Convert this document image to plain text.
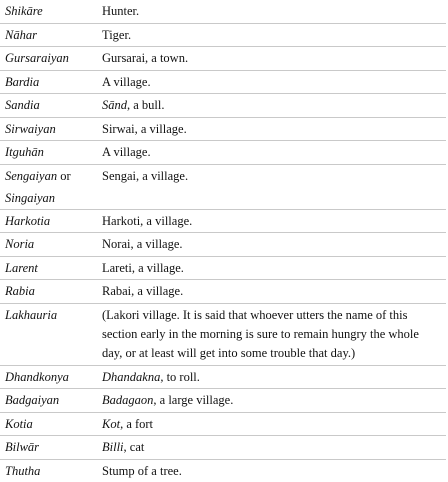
Shikāre	Hunter.
Nāhar	Tiger.
Gursaraiyan	Gursarai, a town.
Bardia	A village.
Sandia	Sānd, a bull.
Sirwaiyan	Sirwai, a village.
Itguhān	A village.
Sengaiyan or
Singaiyan	Sengai, a village.
Harkotia	Harkoti, a village.
Noria	Norai, a village.
Larent	Lareti, a village.
Rabia	Rabai, a village.
Lakhauria	(Lakori village. It is said that whoever utters the name of this section early in the morning is sure to remain hungry the whole day, or at least will get into some trouble that day.)
Dhandkonya	Dhandakna, to roll.
Badgaiyan	Badagaon, a large village.
Kotia	Kot, a fort
Bilwār	Billi, cat
Thutha	Stump of a tree.
